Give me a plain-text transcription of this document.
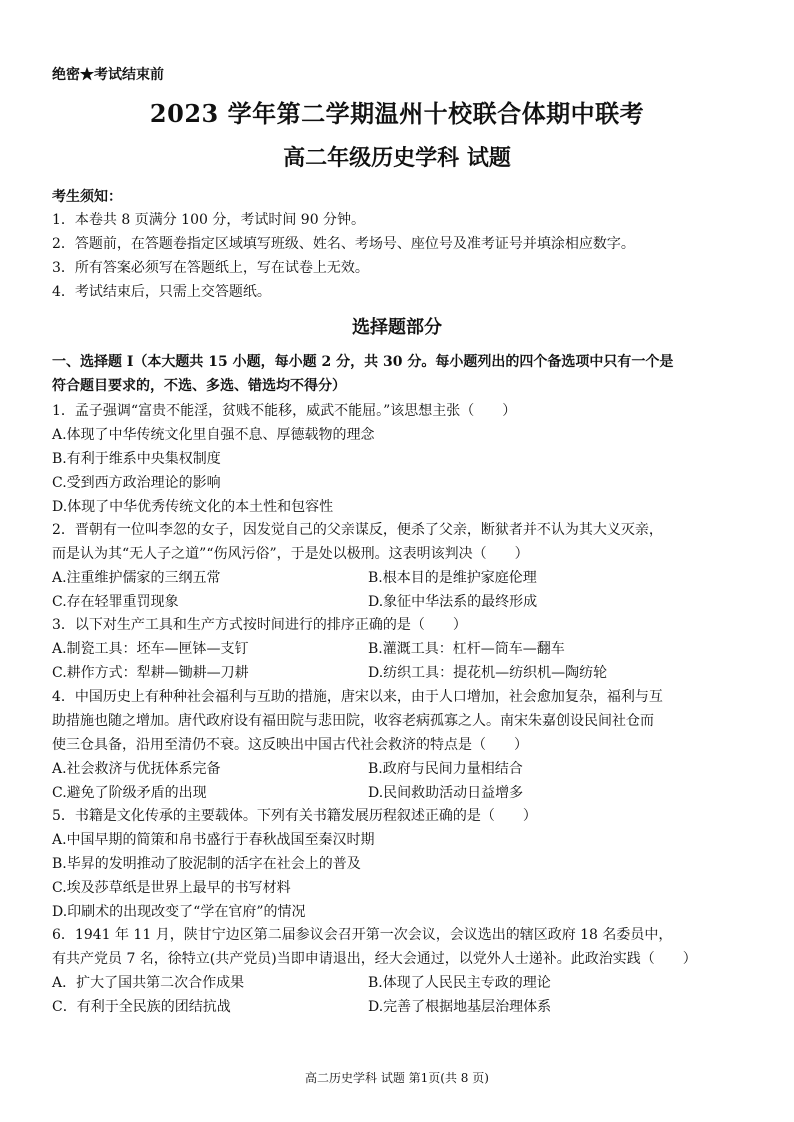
绝密★考试结束前
2023 学年第二学期温州十校联合体期中联考
高二年级历史学科 试题
考生须知：
1．本卷共 8 页满分 100 分，考试时间 90 分钟。
2．答题前，在答题卷指定区域填写班级、姓名、考场号、座位号及准考证号并填涂相应数字。
3．所有答案必须写在答题纸上，写在试卷上无效。
4．考试结束后，只需上交答题纸。
选择题部分
一、选择题 I（本大题共 15 小题，每小题 2 分，共 30 分。每小题列出的四个备选项中只有一个是
符合题目要求的，不选、多选、错选均不得分）
1．孟子强调“富贵不能淫，贫贱不能移，威武不能屈。”该思想主张（　　）
A.体现了中华传统文化里自强不息、厚德载物的理念
B.有利于维系中央集权制度
C.受到西方政治理论的影响
D.体现了中华优秀传统文化的本土性和包容性
2．晋朝有一位叫李忽的女子，因发觉自己的父亲谋反，便杀了父亲，断狱者并不认为其大义灭亲，
而是认为其“无人子之道”“伤风污俗”，于是处以极刑。这表明该判决（　　）
A.注重维护儒家的三纲五常	B.根本目的是维护家庭伦理
C.存在轻罪重罚现象	D.象征中华法系的最终形成
3．以下对生产工具和生产方式按时间进行的排序正确的是（　　）
A.制瓷工具：坯车—匣钵—支钉	B.灌溉工具：杠杆—筒车—翻车
C.耕作方式：犁耕—锄耕—刀耕	D.纺织工具：提花机—纺织机—陶纺轮
4．中国历史上有种种社会福利与互助的措施，唐宋以来，由于人口增加，社会愈加复杂，福利与互
助措施也随之增加。唐代政府设有福田院与悲田院，收容老病孤寡之人。南宋朱嘉创设民间社仓而
使三仓具备，沿用至清仍不衰。这反映出中国古代社会救济的特点是（　　）
A.社会救济与优抚体系完备	B.政府与民间力量相结合
C.避免了阶级矛盾的出现	D.民间救助活动日益增多
5．书籍是文化传承的主要载体。下列有关书籍发展历程叙述正确的是（　　）
A.中国早期的简策和帛书盛行于春秋战国至秦汉时期
B.毕昇的发明推动了胶泥制的活字在社会上的普及
C.埃及莎草纸是世界上最早的书写材料
D.印刷术的出现改变了“学在官府”的情况
6．1941 年 11 月，陕甘宁边区第二届参议会召开第一次会议，会议选出的辖区政府 18 名委员中，
有共产党员 7 名，徐特立(共产党员)当即申请退出，经大会通过，以党外人士递补。此政治实践（　　）
A．扩大了国共第二次合作成果	B.体现了人民民主专政的理论
C．有利于全民族的团结抗战	D.完善了根据地基层治理体系
高二历史学科 试题 第1页(共 8 页)
